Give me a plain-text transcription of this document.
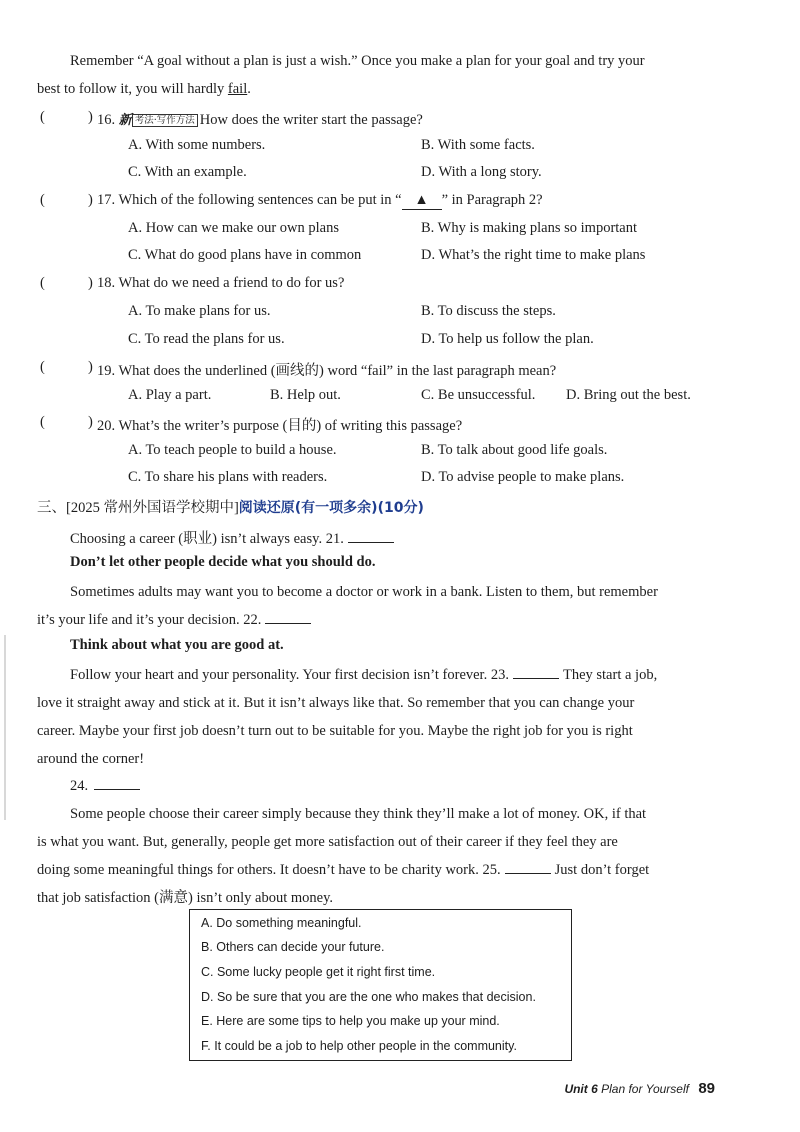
Remember “A goal without a plan is just a wish.” Once you make a plan for your goal and try your
best to follow it, you will hardly fail.
(	) 16. 新 考法·写作方法 How does the writer start the passage?
A. With some numbers.	B. With some facts.
C. With an example.	D. With a long story.
(	) 17. Which of the following sentences can be put in “ ▲ ” in Paragraph 2?
A. How can we make our own plans	B. Why is making plans so important
C. What do good plans have in common	D. What’s the right time to make plans
(	) 18. What do we need a friend to do for us?
A. To make plans for us.	B. To discuss the steps.
C. To read the plans for us.	D. To help us follow the plan.
(	) 19. What does the underlined (画线的) word “fail” in the last paragraph mean?
A. Play a part.	B. Help out.	C. Be unsuccessful. D. Bring out the best.
(	) 20. What’s the writer’s purpose (目的) of writing this passage?
A. To teach people to build a house.	B. To talk about good life goals.
C. To share his plans with readers.	D. To advise people to make plans.
三、[2025 常州外国语学校期中]阅读还原(有一项多余)(10分)
Choosing a career (职业) isn’t always easy. 21.
Don’t let other people decide what you should do.
Sometimes adults may want you to become a doctor or work in a bank. Listen to them, but remember
it’s your life and it’s your decision. 22.
Think about what you are good at.
Follow your heart and your personality. Your first decision isn’t forever. 23.	They start a job,
love it straight away and stick at it. But it isn’t always like that. So remember that you can change your
career. Maybe your first job doesn’t turn out to be suitable for you. Maybe the right job for you is right
around the corner!
24.
Some people choose their career simply because they think they’ll make a lot of money. OK, if that
is what you want. But, generally, people get more satisfaction out of their career if they feel they are
doing some meaningful things for others. It doesn’t have to be charity work. 25.	Just don’t forget
that job satisfaction (满意) isn’t only about money.
A. Do something meaningful.
B. Others can decide your future.
C. Some lucky people get it right first time.
D. So be sure that you are the one who makes that decision.
E. Here are some tips to help you make up your mind.
F. It could be a job to help other people in the community.
Unit 6 Plan for Yourself 89
